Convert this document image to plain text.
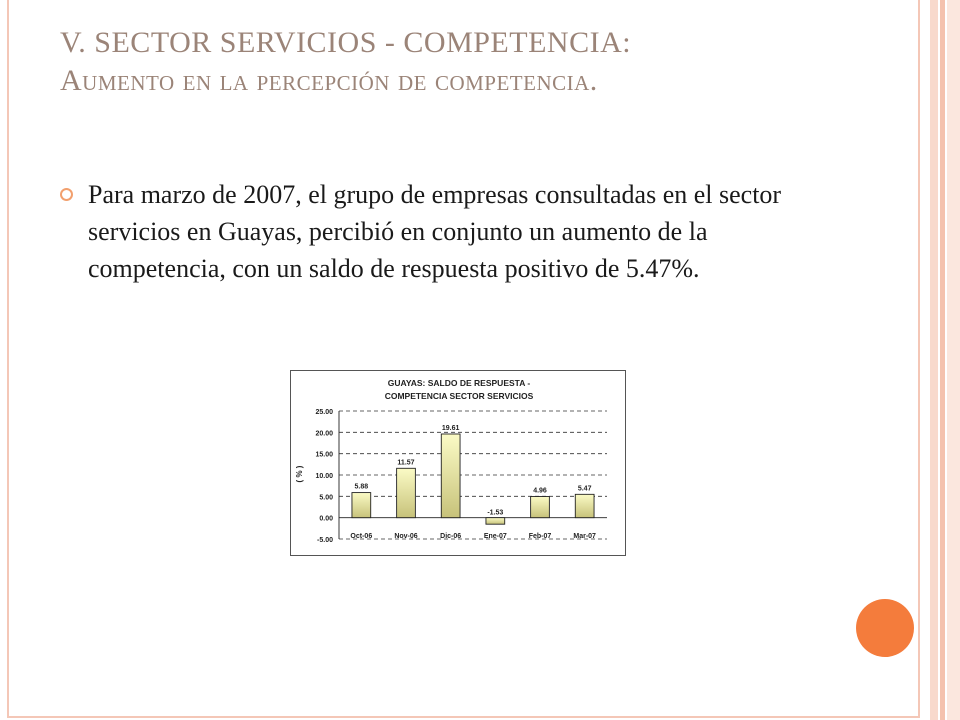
V. SECTOR SERVICIOS - COMPETENCIA:
Aumento en la percepción de competencia.
Para marzo de 2007, el grupo de empresas consultadas en el sector servicios en Guayas, percibió en conjunto un aumento de la competencia, con un saldo de respuesta positivo de 5.47%.
GUAYAS: SALDO DE RESPUESTA -
COMPETENCIA SECTOR SERVICIOS
( % )
25.00
20.00
15.00
10.00
5.00
0.00
-5.00
5.88
Oct-06
11.57
Nov-06
19.61
Dic-06
-1.53
Ene-07
4.96
Feb-07
5.47
Mar-07
